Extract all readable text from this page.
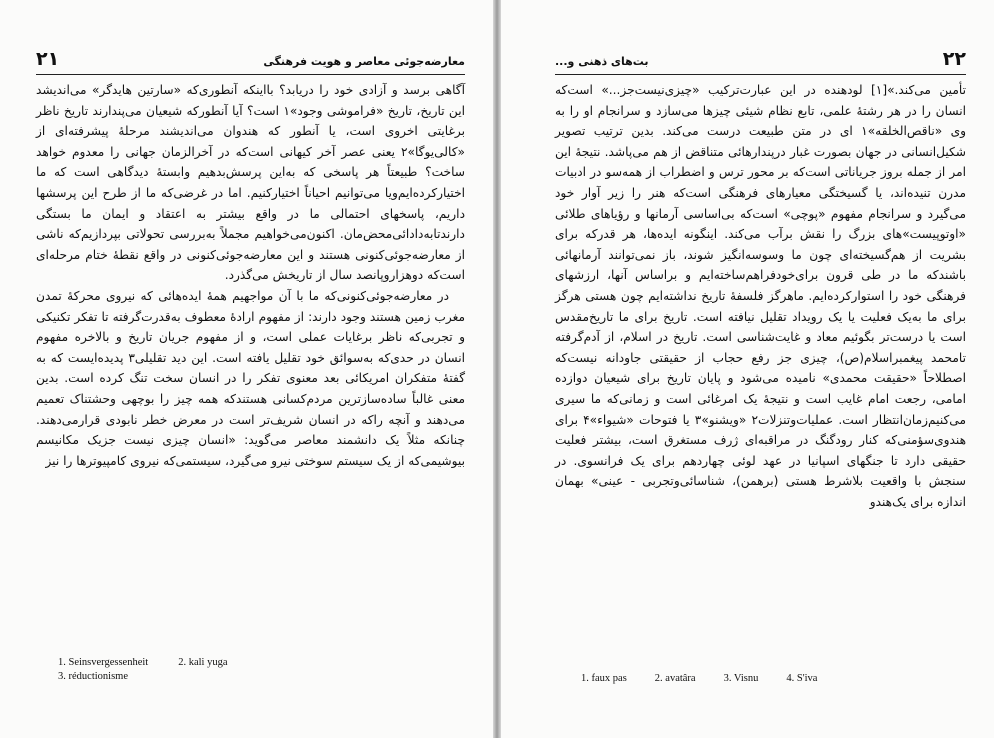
۲۱	معارضه‌جوئی معاصر و هویت فرهنگی

آگاهی برسد و آزادی خود را دریابد؟ بااینکه آنطوری‌که «سارتین هایدگر» می‌اندیشد این تاریخ، تاریخ «فراموشی وجود»۱ است؟ آیا آنطورکه شیعیان می‌پندارند تاریخ ناظر برغایتی اخروی است، یا آنطور که هندوان می‌اندیشند مرحلهٔ پیشرفته‌ای از «کالی‌یوگا»۲ یعنی عصر آخر کیهانی است‌که در آخرالزمان جهانی را معدوم خواهد ساخت؟ طبیعتاً هر پاسخی که به‌این پرسش‌بدهیم وابستهٔ دیدگاهی است که ما اختیارکرده‌ایم‌ویا می‌توانیم احیاناً اختیارکنیم. اما در غرضی‌که ما از طرح این پرسشها داریم، پاسخهای احتمالی ما در واقع بیشتر به اعتقاد و ایمان ما بستگی دارندتابه‌دادائی‌محض‌مان. اکنون‌می‌خواهیم مجملاً به‌بررسی تحولاتی بپردازیم‌که ناشی از معارضه‌جوئی‌کنونی هستند و این معارضه‌جوئی‌کنونی در واقع نقطهٔ ختام مرحله‌ای است‌که دوهزار‌وپانصد سال از تاریخش می‌گذرد.

در معارضه‌جوئی‌کنونی‌که ما با آن مواجهیم همهٔ ایده‌هائی که نیروی محرکهٔ تمدن مغرب زمین هستند وجود دارند: از مفهوم ارادهٔ معطوف به‌قدرت‌گرفته تا تفکر تکنیکی و تجربی‌که ناظر برغایات عملی است، و از مفهوم جریان تاریخ و بالاخره مفهوم انسان در حدی‌که به‌سوائق خود تقلیل یافته است. این دید تقلیلی۳ پدیده‌ایست که به گفتهٔ متفکران امریکائی بعد معنوی تفکر را در انسان سخت تنگ کرده است. بدین معنی غالباً ساده‌سازترین مردم‌کسانی هستندکه همه چیز را بوچهی وحشتناک تعمیم می‌دهند و آنچه را‌که در انسان شریف‌تر است در معرض خطر نابودی قرارمی‌دهند. چنانکه مثلاً یک دانشمند معاصر می‌گوید: «انسان چیزی نیست جز‌یک مکانیسم بیوشیمی‌که از یک سیستم سوختی نیرو می‌گیرد، سیستمی‌که نیروی کامپیوترها را نیز

1. Seinsvergessenheit	2. kali yuga
3. réductionisme
بت‌های ذهنی و...	۲۲

تأمین می‌کند.»[۱] لودهنده در این عبارت‌ترکیب «چیزی‌نیست‌جز...» است‌که انسان را در هر رشتهٔ علمی، تابع نظام شیئی چیزها می‌سازد و سرانجام او را به وی «ناقص‌الخلقه»۱ ای در متن طبیعت درست می‌کند. بدین ترتیب تصویر شکیل‌انسانی در جهان بصورت غبار درپندارهائی متناقض از هم می‌پاشد. نتیجهٔ این امر از جمله بروز جریاناتی است‌که بر محور ترس و اضطراب از همه‌سو در ادبیات مدرن تنیده‌اند، یا گسیختگی معیارهای فرهنگی است‌که هنر را زیر آوار خود می‌گیرد و سرانجام مفهوم «پوچی» است‌که بی‌اساسی آرمانها و رؤیاهای طلائی «اوتوپیست»‌های بزرگ را نقش برآب می‌کند. اینگونه ایده‌ها، هر قدرکه برای بشریت از هم‌گسیخته‌ای چون ما وسوسه‌انگیز شوند، باز نمی‌توانند آرمانهائی باشندکه ما در طی قرون برای‌خودفراهم‌ساخته‌ایم و براساس آنها، ارزشهای فرهنگی خود را استوارکرده‌ایم. ماهرگز فلسفهٔ تاریخ نداشته‌ایم چون هستی هرگز برای ما به‌یک فعلیت یا یک رویداد تقلیل نیافته است. تاریخ برای ما تاریخ‌مقدس است یا درست‌تر بگوئیم معاد و غایت‌شناسی است. تاریخ در اسلام، از آدم‌گرفته تا‌محمد پیغمبر‌اسلام(ص)، چیزی جز رفع حجاب از حقیقتی جاودانه نیست‌که اصطلاحاً «حقیقت محمدی» نامیده می‌شود و پایان تاریخ برای شیعیان دوازده امامی، رجعت امام غایب است و نتیجهٔ یک امرغائی است و زمانی‌که ما سیری می‌کنیم‌زمان‌انتظار است. عملیات‌وتنزلات۲ «ویشنو»۳ یا فتوحات «شیواء»۴ برای هندوی‌سؤمنی‌که کنار رودگنگ در مراقبه‌ای ژرف مستغرق است، بیشتر فعلیت حقیقی دارد تا جنگهای اسپانیا در عهد لوئی چهاردهم برای یک فرانسوی. در سنجش با واقعیت بلاشرط هستی (برهمن)، شناسائی‌وتجربی - عینی» بهمان اندازه برای یک‌هندو

1. faux pas	2. avatâra	3. Visnu	4. S'iva
